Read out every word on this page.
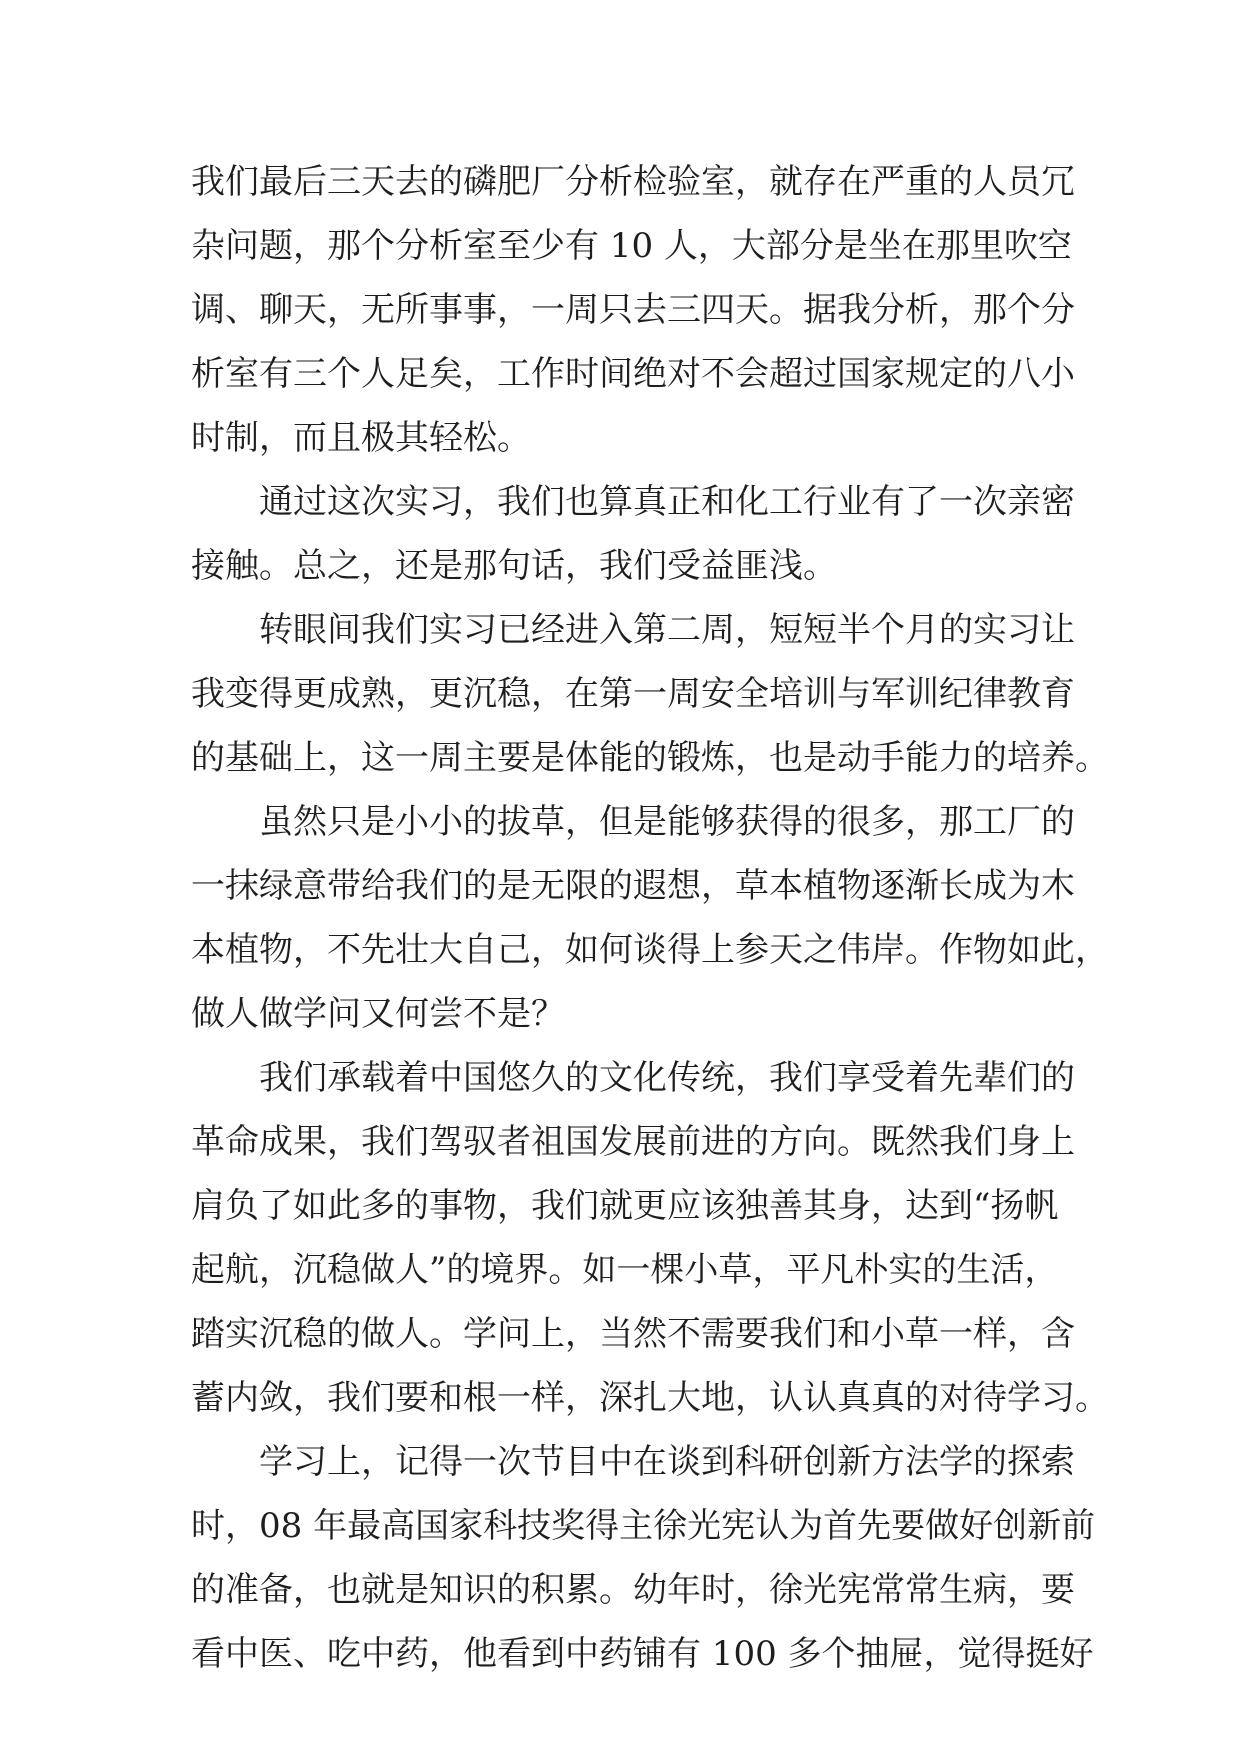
我们最后三天去的磷肥厂分析检验室，就存在严重的人员冗
杂问题，那个分析室至少有 10 人，大部分是坐在那里吹空
调、聊天，无所事事，一周只去三四天。据我分析，那个分
析室有三个人足矣，工作时间绝对不会超过国家规定的八小
时制，而且极其轻松。
通过这次实习，我们也算真正和化工行业有了一次亲密
接触。总之，还是那句话，我们受益匪浅。
转眼间我们实习已经进入第二周，短短半个月的实习让
我变得更成熟，更沉稳，在第一周安全培训与军训纪律教育
的基础上，这一周主要是体能的锻炼，也是动手能力的培养。
虽然只是小小的拔草，但是能够获得的很多，那工厂的
一抹绿意带给我们的是无限的遐想，草本植物逐渐长成为木
本植物，不先壮大自己，如何谈得上参天之伟岸。作物如此，
做人做学问又何尝不是？
我们承载着中国悠久的文化传统，我们享受着先辈们的
革命成果，我们驾驭者祖国发展前进的方向。既然我们身上
肩负了如此多的事物，我们就更应该独善其身，达到“扬帆
起航，沉稳做人”的境界。如一棵小草，平凡朴实的生活，
踏实沉稳的做人。学问上，当然不需要我们和小草一样，含
蓄内敛，我们要和根一样，深扎大地，认认真真的对待学习。
学习上，记得一次节目中在谈到科研创新方法学的探索
时，08 年最高国家科技奖得主徐光宪认为首先要做好创新前
的准备，也就是知识的积累。幼年时，徐光宪常常生病，要
看中医、吃中药，他看到中药铺有 100 多个抽屉，觉得挺好
